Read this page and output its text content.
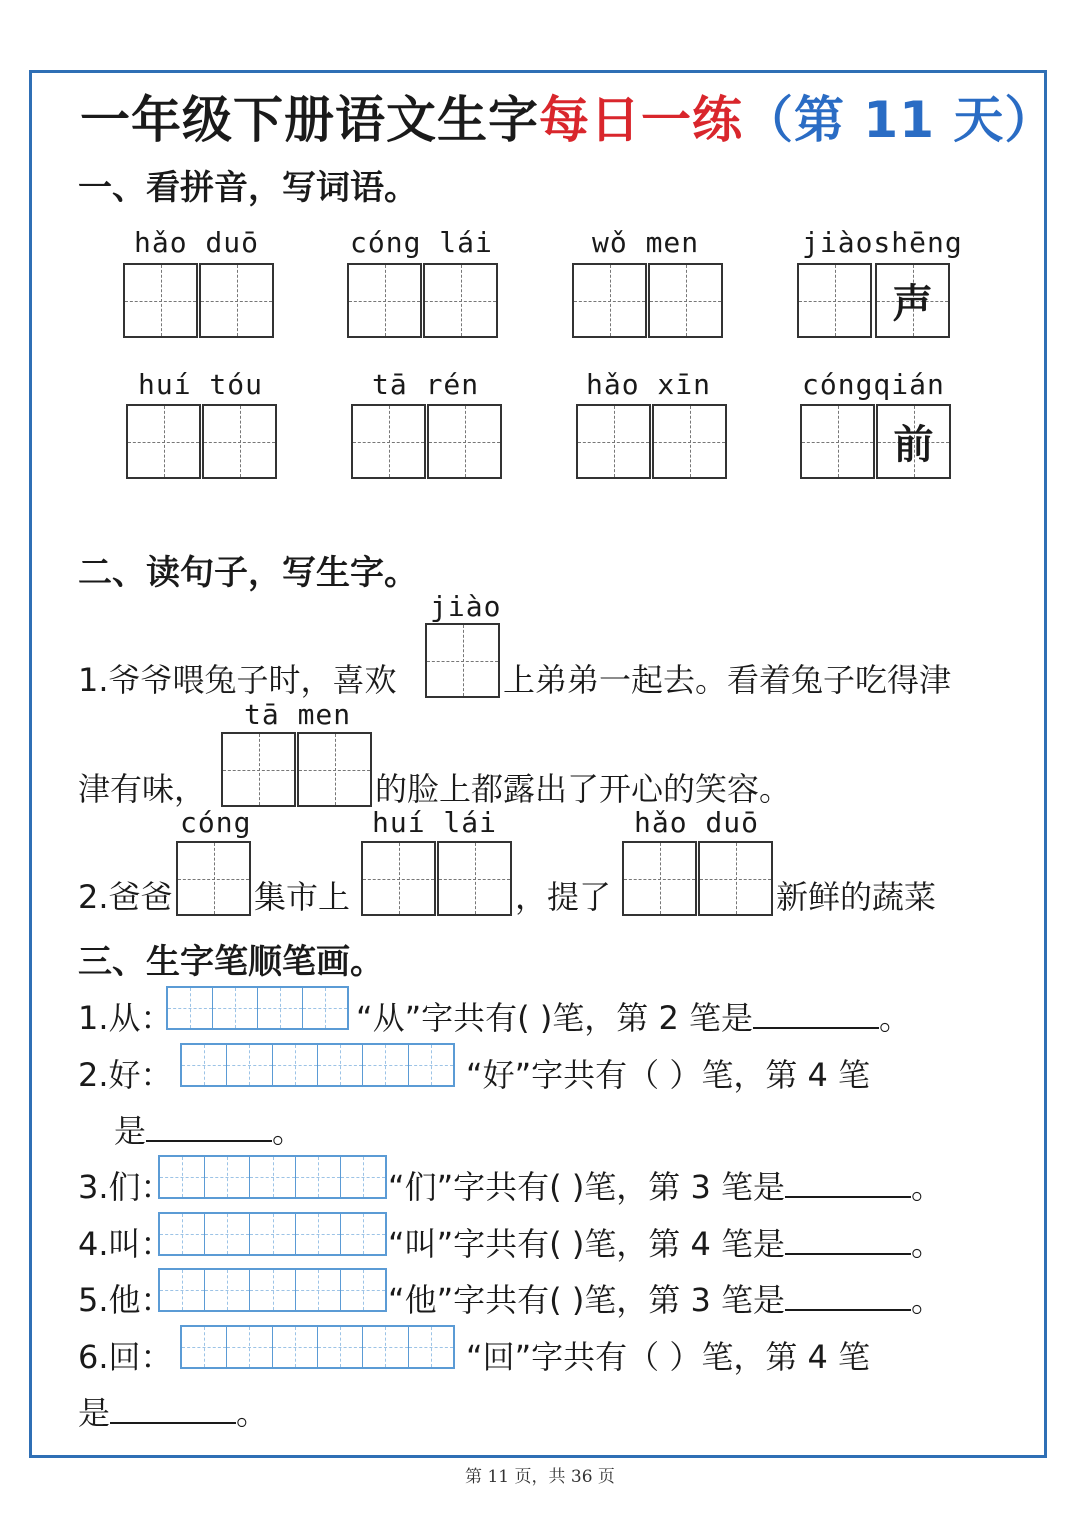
一年级下册语文生字每日一练（第 11 天）
一、看拼音，写词语。
hǎo duō	cóng lái	wǒ men	jiàoshēng
声
huí tóu	tā rén	hǎo xīn	cóngqián
前
二、读句子，写生字。
jiào
1.爷爷喂兔子时，喜欢	上弟弟一起去。看着兔子吃得津
tā men
津有味，	的脸上都露出了开心的笑容。
cóng	huí lái	hǎo duō
2.爸爸	集市上	，提了	新鲜的蔬菜
三、生字笔顺笔画。
1.从：	“从”字共有( )笔，第 2 笔是	。
2.好：	“好”字共有（ ）笔，第 4 笔
是	。
3.们：	“们”字共有( )笔，第 3 笔是	。
4.叫：	“叫”字共有( )笔，第 4 笔是	。
5.他：	“他”字共有( )笔，第 3 笔是	。
6.回：	“回”字共有（ ）笔，第 4 笔
是	。
第 11 页，共 36 页
